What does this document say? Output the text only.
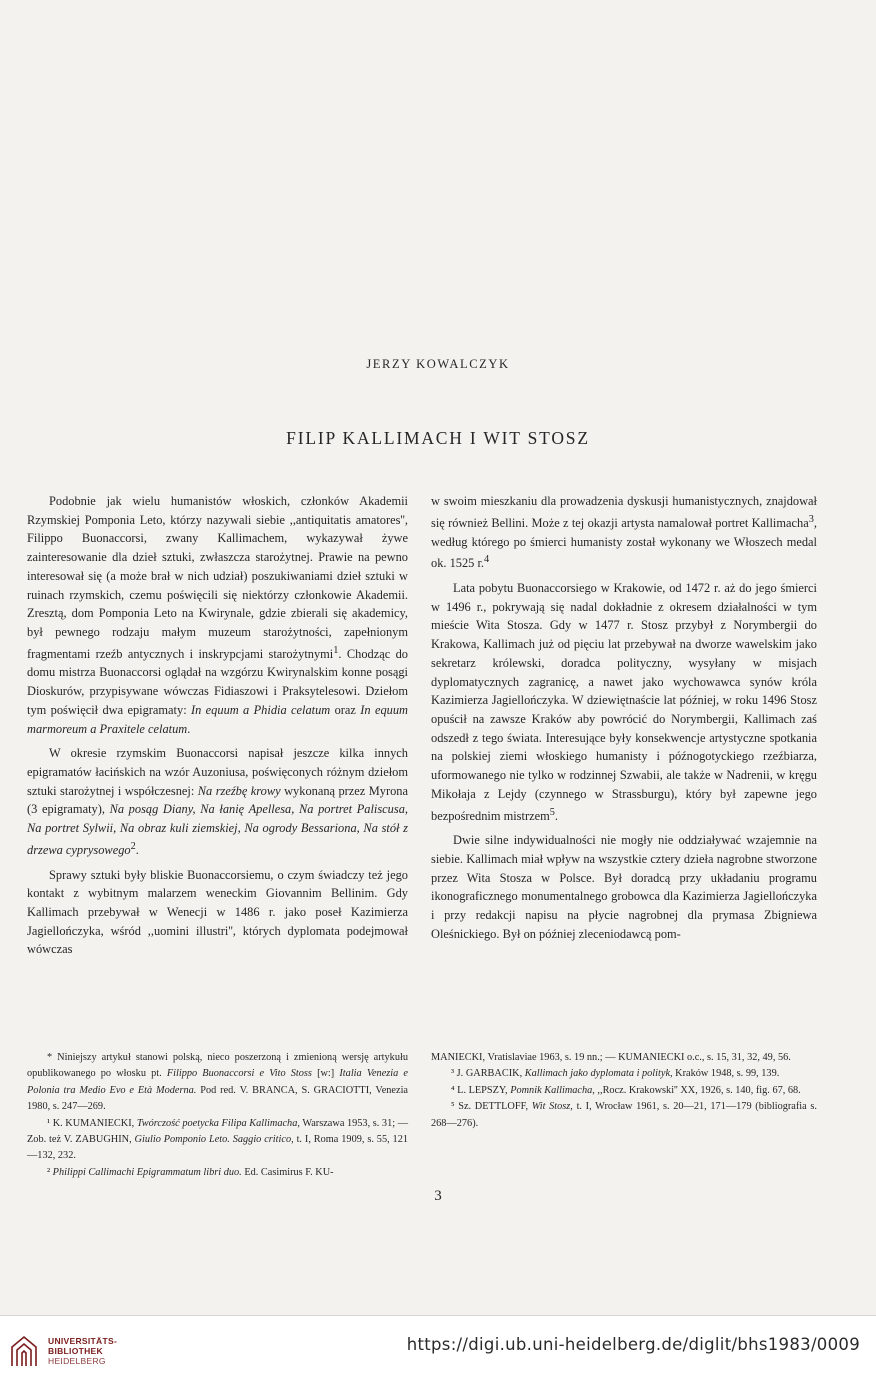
JERZY KOWALCZYK
FILIP KALLIMACH I WIT STOSZ

Podobnie jak wielu humanistów włoskich, członków Akademii Rzymskiej Pomponia Leto, którzy nazywali siebie ,,antiquitatis amatores'', Filippo Buonaccorsi, zwany Kallimachem, wykazywał żywe zainteresowanie dla dzieł sztuki, zwłaszcza starożytnej. Prawie na pewno interesował się (a może brał w nich udział) poszukiwaniami dzieł sztuki w ruinach rzymskich, czemu poświęcili się niektórzy członkowie Akademii. Zresztą, dom Pomponia Leto na Kwirynale, gdzie zbierali się akademicy, był pewnego rodzaju małym muzeum starożytności, zapełnionym fragmentami rzeźb antycznych i inskrypcjami starożytnymi$^1$. Chodząc do domu mistrza Buonaccorsi oglądał na wzgórzu Kwirynalskim konne posągi Dioskurów, przypisywane wówczas Fidiaszowi i Praksytelesowi. Dziełom tym poświęcił dwa epigramaty: In equum a Phidia celatum oraz In equum marmoreum a Praxitele celatum.

W okresie rzymskim Buonaccorsi napisał jeszcze kilka innych epigramatów łacińskich na wzór Auzoniusa, poświęconych różnym dziełom sztuki starożytnej i współczesnej: Na rzeźbę krowy wykonaną przez Myrona (3 epigramaty), Na posąg Diany, Na łanię Apellesa, Na portret Paliscusa, Na portret Sylwii, Na obraz kuli ziemskiej, Na ogrody Bessariona, Na stół z drzewa cyprysowego$^2$.

Sprawy sztuki były bliskie Buonaccorsiemu, o czym świadczy też jego kontakt z wybitnym malarzem weneckim Giovannim Bellinim. Gdy Kallimach przebywał w Wenecji w 1486 r. jako poseł Kazimierza Jagiellończyka, wśród ,,uomini illustri'', których dyplomata podejmował wówczas

w swoim mieszkaniu dla prowadzenia dyskusji humanistycznych, znajdował się również Bellini. Może z tej okazji artysta namalował portret Kallimacha$^3$, według którego po śmierci humanisty został wykonany we Włoszech medal ok. 1525 r.$^4$

Lata pobytu Buonaccorsiego w Krakowie, od 1472 r. aż do jego śmierci w 1496 r., pokrywają się nadal dokładnie z okresem działalności w tym mieście Wita Stosza. Gdy w 1477 r. Stosz przybył z Norymbergii do Krakowa, Kallimach już od pięciu lat przebywał na dworze wawelskim jako sekretarz królewski, doradca polityczny, wysyłany w misjach dyplomatycznych zagranicę, a nawet jako wychowawca synów króla Kazimierza Jagiellończyka. W dziewiętnaście lat później, w roku 1496 Stosz opuścił na zawsze Kraków aby powrócić do Norymbergii, Kallimach zaś odszedł z tego świata. Interesujące były konsekwencje artystyczne spotkania na polskiej ziemi włoskiego humanisty i późnogotyckiego rzeźbiarza, uformowanego nie tylko w rodzinnej Szwabii, ale także w Nadrenii, w kręgu Mikołaja z Lejdy (czynnego w Strassburgu), który był zapewne jego bezpośrednim mistrzem$^5$.

Dwie silne indywidualności nie mogły nie oddziaływać wzajemnie na siebie. Kallimach miał wpływ na wszystkie cztery dzieła nagrobne stworzone przez Wita Stosza w Polsce. Był doradcą przy układaniu programu ikonograficznego monumentalnego grobowca dla Kazimierza Jagiellończyka i przy redakcji napisu na płycie nagrobnej dla prymasa Zbigniewa Oleśnickiego. Był on później zleceniodawcą pom-

* Niniejszy artykuł stanowi polską, nieco poszerzoną i zmienioną wersję artykułu opublikowanego po włosku pt. Filippo Buonaccorsi e Vito Stoss [w:] Italia Venezia e Polonia tra Medio Evo e Età Moderna. Pod red. V. BRANCA, S. GRACIOTTI, Venezia 1980, s. 247—269.

¹ K. KUMANIECKI, Twórczość poetycka Filipa Kallimacha, Warszawa 1953, s. 31; — Zob. też V. ZABUGHIN, Giulio Pomponio Leto. Saggio critico, t. I, Roma 1909, s. 55, 121—132, 232.

² Philippi Callimachi Epigrammatum libri duo. Ed. Casimirus F. KU-

MANIECKI, Vratislaviae 1963, s. 19 nn.; — KUMANIECKI o.c., s. 15, 31, 32, 49, 56.

³ J. GARBACIK, Kallimach jako dyplomata i polityk, Kraków 1948, s. 99, 139.

⁴ L. LEPSZY, Pomnik Kallimacha, ,,Rocz. Krakowski'' XX, 1926, s. 140, fig. 67, 68.

⁵ Sz. DETTLOFF, Wit Stosz, t. I, Wrocław 1961, s. 20—21, 171—179 (bibliografia s. 268—276).

3
UNIVERSITÄTS-
BIBLIOTHEK
HEIDELBERG
https://digi.ub.uni-heidelberg.de/diglit/bhs1983/0009
